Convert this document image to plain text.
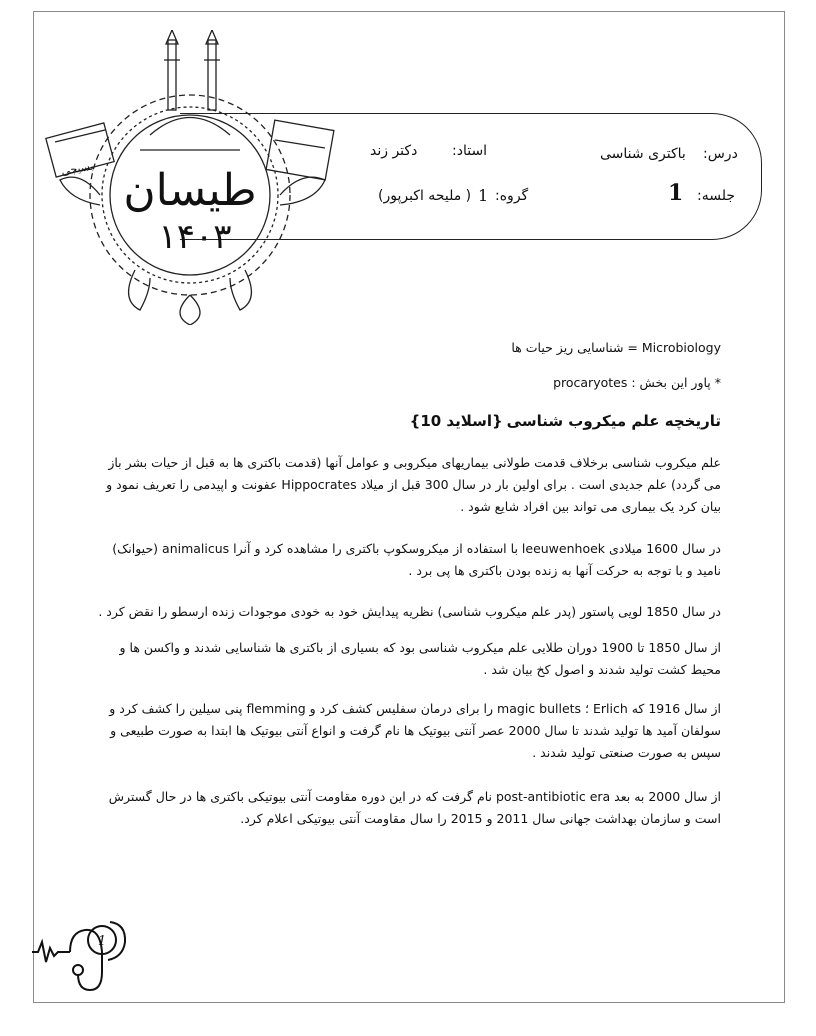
درس:
باکتری شناسی
استاد:
دکتر زند
جلسه:
1
گروه:
1
( ملیحه اکبرپور)
طیسان
۱۴۰۳
بسیجی

Microbiology = شناسایی ریز حیات ها

* پاور این بخش : procaryotes

تاریخچه علم میکروب شناسی {اسلاید 10}

علم میکروب شناسی برخلاف قدمت طولانی بیماریهای میکروبی و عوامل آنها (قدمت باکتری ها به قبل از حیات بشر باز می گردد) علم جدیدی است . برای اولین بار در سال 300 قبل از میلاد Hippocrates عفونت و اپیدمی را تعریف نمود و بیان کرد یک بیماری می تواند بین افراد شایع شود .

در سال 1600 میلادی leeuwenhoek با استفاده از میکروسکوپ باکتری را مشاهده کرد و آنرا animalicus (حیوانک) نامید و با توجه به حرکت آنها به زنده بودن باکتری ها پی برد .

در سال 1850 لویی پاستور (پدر علم میکروب شناسی) نظریه پیدایش خود به خودی موجودات زنده ارسطو را نقض کرد .

از سال 1850 تا 1900 دوران طلایی علم میکروب شناسی بود که بسیاری از باکتری ها شناسایی شدند و واکسن ها و محیط کشت تولید شدند و اصول کخ بیان شد .

از سال 1916 که Erlich ؛ magic bullets را برای درمان سفلیس کشف کرد و flemming پنی سیلین را کشف کرد و سولفان آمید ها تولید شدند تا سال 2000 عصر آنتی بیوتیک ها نام گرفت و انواع آنتی بیوتیک ها ابتدا به صورت طبیعی و سپس به صورت صنعتی تولید شدند .

از سال 2000 به بعد post-antibiotic era نام گرفت که در این دوره مقاومت آنتی بیوتیکی باکتری ها در حال گسترش است و سازمان بهداشت جهانی سال 2011 و 2015 را سال مقاومت آنتی بیوتیکی اعلام کرد.

1
